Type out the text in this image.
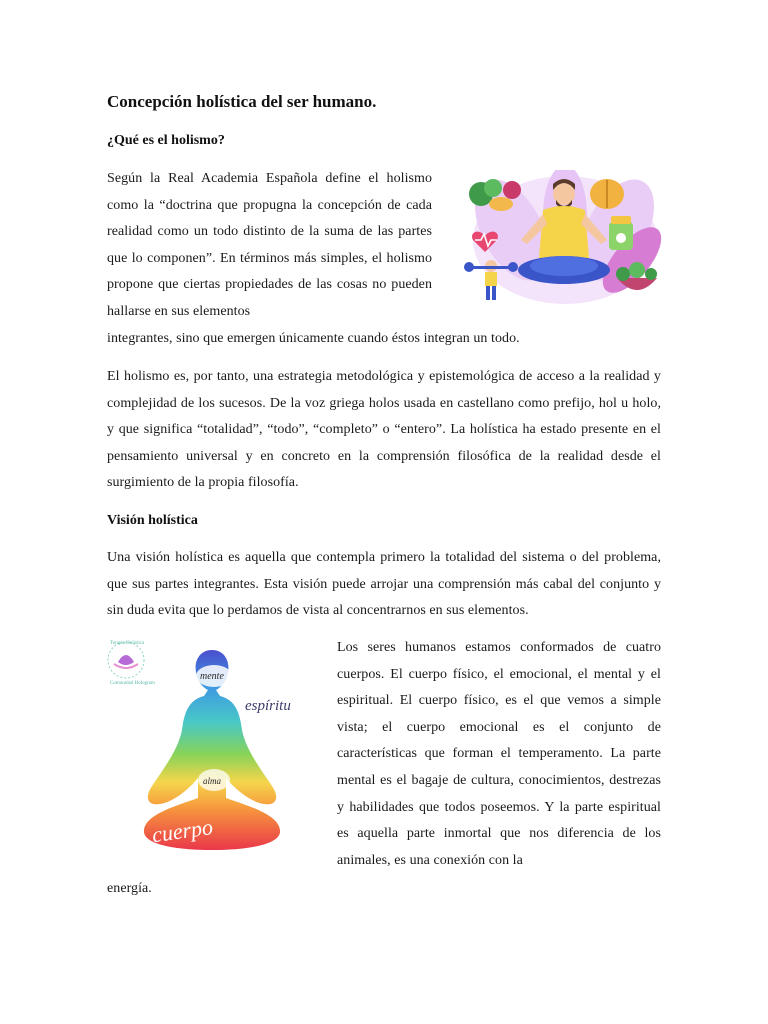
Concepción holística del ser humano.
¿Qué es el holismo?

Según la Real Academia Española define el holismo como la “doctrina que propugna la concepción de cada realidad como un todo distinto de la suma de las partes que lo componen”. En términos más simples, el holismo propone que ciertas propiedades de las cosas no pueden hallarse en sus elementos

integrantes, sino que emergen únicamente cuando éstos integran un todo.

El holismo es, por tanto, una estrategia metodológica y epistemológica de acceso a la realidad y complejidad de los sucesos. De la voz griega holos usada en castellano como prefijo, hol u holo, y que significa “totalidad”, “todo”, “completo” o “entero”. La holística ha estado presente en el pensamiento universal y en concreto en la comprensión filosófica de la realidad desde el surgimiento de la propia filosofía.

Visión holística

Una visión holística es aquella que contempla primero la totalidad del sistema o del problema, que sus partes integrantes. Esta visión puede arrojar una comprensión más cabal del conjunto y sin duda evita que lo perdamos de vista al concentrarnos en sus elementos.

Terapia Holística
Comunidad Hologram
mente
espíritu
alma
cuerpo

Los seres humanos estamos conformados de cuatro cuerpos. El cuerpo físico, el emocional, el mental y el espiritual. El cuerpo físico, es el que vemos a simple vista; el cuerpo emocional es el conjunto de características que forman el temperamento. La parte mental es el bagaje de cultura, conocimientos, destrezas y habilidades que todos poseemos. Y la parte espiritual es aquella parte inmortal que nos diferencia de los animales, es una conexión con la

energía.
